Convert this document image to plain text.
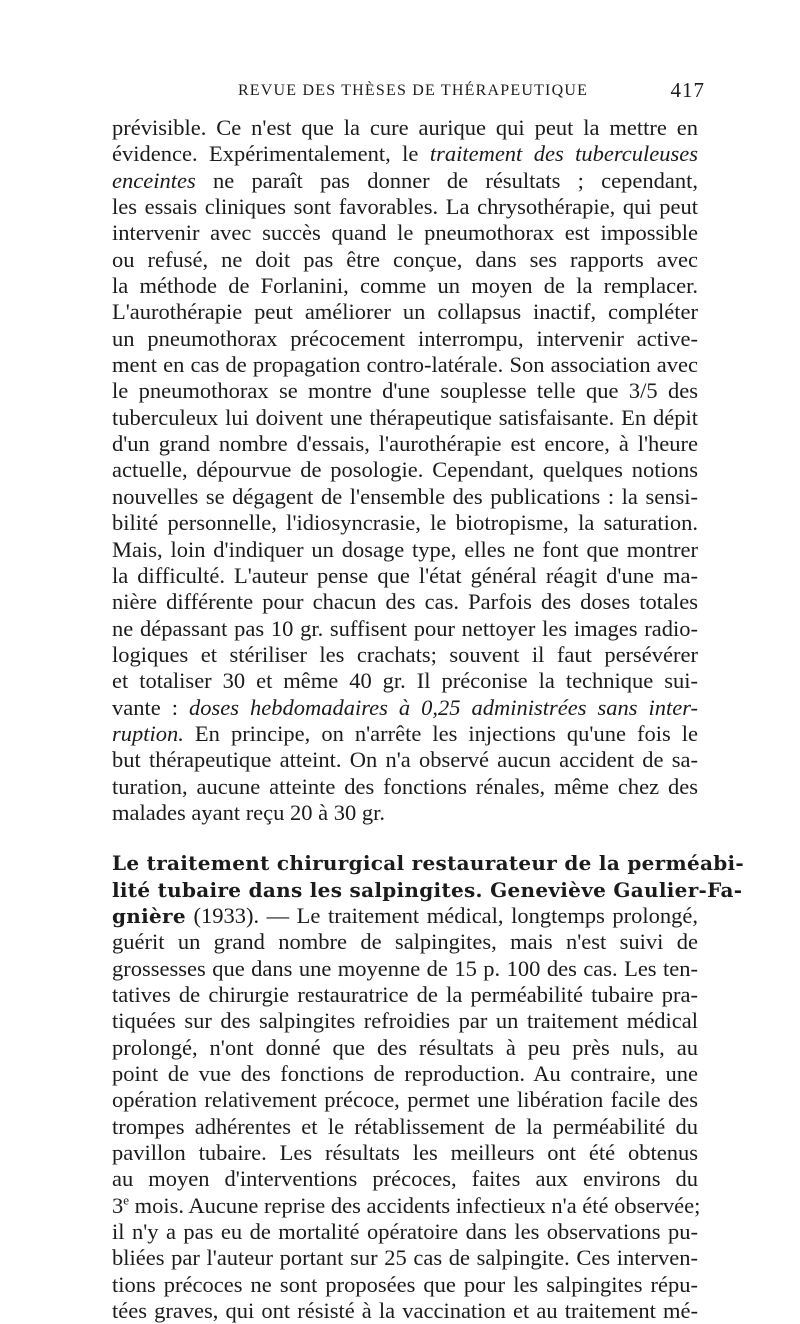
REVUE DES THÈSES DE THÉRAPEUTIQUE	417

prévisible. Ce n'est que la cure aurique qui peut la mettre en
évidence. Expérimentalement, le traitement des tuberculeuses
enceintes ne paraît pas donner de résultats ; cependant,
les essais cliniques sont favorables. La chrysothérapie, qui peut
intervenir avec succès quand le pneumothorax est impossible
ou refusé, ne doit pas être conçue, dans ses rapports avec
la méthode de Forlanini, comme un moyen de la remplacer.
L'aurothérapie peut améliorer un collapsus inactif, compléter
un pneumothorax précocement interrompu, intervenir active-
ment en cas de propagation contro-latérale. Son association avec
le pneumothorax se montre d'une souplesse telle que 3/5 des
tuberculeux lui doivent une thérapeutique satisfaisante. En dépit
d'un grand nombre d'essais, l'aurothérapie est encore, à l'heure
actuelle, dépourvue de posologie. Cependant, quelques notions
nouvelles se dégagent de l'ensemble des publications : la sensi-
bilité personnelle, l'idiosyncrasie, le biotropisme, la saturation.
Mais, loin d'indiquer un dosage type, elles ne font que montrer
la difficulté. L'auteur pense que l'état général réagit d'une ma-
nière différente pour chacun des cas. Parfois des doses totales
ne dépassant pas 10 gr. suffisent pour nettoyer les images radio-
logiques et stériliser les crachats; souvent il faut persévérer
et totaliser 30 et même 40 gr. Il préconise la technique sui-
vante : doses hebdomadaires à 0,25 administrées sans inter-
ruption. En principe, on n'arrête les injections qu'une fois le
but thérapeutique atteint. On n'a observé aucun accident de sa-
turation, aucune atteinte des fonctions rénales, même chez des
malades ayant reçu 20 à 30 gr.

Le traitement chirurgical restaurateur de la perméabi-
lité tubaire dans les salpingites. Geneviève Gaulier-Fa-
gnière (1933). — Le traitement médical, longtemps prolongé,
guérit un grand nombre de salpingites, mais n'est suivi de
grossesses que dans une moyenne de 15 p. 100 des cas. Les ten-
tatives de chirurgie restauratrice de la perméabilité tubaire pra-
tiquées sur des salpingites refroidies par un traitement médical
prolongé, n'ont donné que des résultats à peu près nuls, au
point de vue des fonctions de reproduction. Au contraire, une
opération relativement précoce, permet une libération facile des
trompes adhérentes et le rétablissement de la perméabilité du
pavillon tubaire. Les résultats les meilleurs ont été obtenus
au moyen d'interventions précoces, faites aux environs du
3e mois. Aucune reprise des accidents infectieux n'a été observée;
il n'y a pas eu de mortalité opératoire dans les observations pu-
bliées par l'auteur portant sur 25 cas de salpingite. Ces interven-
tions précoces ne sont proposées que pour les salpingites répu-
tées graves, qui ont résisté à la vaccination et au traitement mé-
